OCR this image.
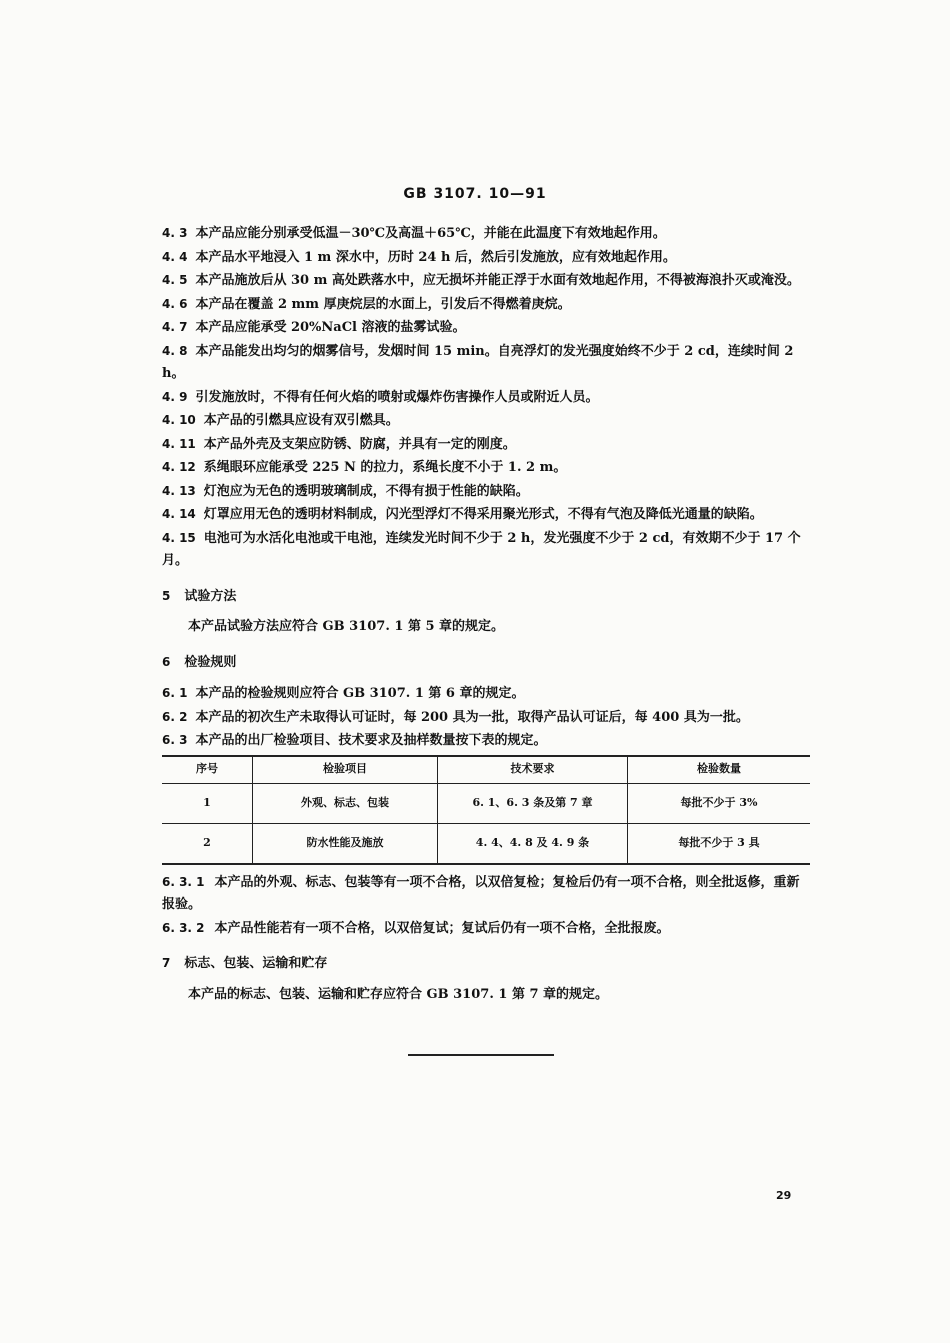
GB 3107. 10—91
4. 3 本产品应能分别承受低温－30℃及高温＋65℃，并能在此温度下有效地起作用。
4. 4 本产品水平地浸入 1 m 深水中，历时 24 h 后，然后引发施放，应有效地起作用。
4. 5 本产品施放后从 30 m 高处跌落水中，应无损坏并能正浮于水面有效地起作用，不得被海浪扑灭或淹没。
4. 6 本产品在覆盖 2 mm 厚庚烷层的水面上，引发后不得燃着庚烷。
4. 7 本产品应能承受 20%NaCl 溶液的盐雾试验。
4. 8 本产品能发出均匀的烟雾信号，发烟时间 15 min。自亮浮灯的发光强度始终不少于 2 cd，连续时间 2 h。
4. 9 引发施放时，不得有任何火焰的喷射或爆炸伤害操作人员或附近人员。
4. 10 本产品的引燃具应设有双引燃具。
4. 11 本产品外壳及支架应防锈、防腐，并具有一定的刚度。
4. 12 系绳眼环应能承受 225 N 的拉力，系绳长度不小于 1. 2 m。
4. 13 灯泡应为无色的透明玻璃制成，不得有损于性能的缺陷。
4. 14 灯罩应用无色的透明材料制成，闪光型浮灯不得采用聚光形式，不得有气泡及降低光通量的缺陷。
4. 15 电池可为水活化电池或干电池，连续发光时间不少于 2 h，发光强度不少于 2 cd，有效期不少于 17 个月。
5 试验方法
本产品试验方法应符合 GB 3107. 1 第 5 章的规定。
6 检验规则
6. 1 本产品的检验规则应符合 GB 3107. 1 第 6 章的规定。
6. 2 本产品的初次生产未取得认可证时，每 200 具为一批，取得产品认可证后，每 400 具为一批。
6. 3 本产品的出厂检验项目、技术要求及抽样数量按下表的规定。
序号	检验项目	技术要求	检验数量
1	外观、标志、包装	6. 1、6. 3 条及第 7 章	每批不少于 3%
2	防水性能及施放	4. 4、4. 8 及 4. 9 条	每批不少于 3 具
6. 3. 1 本产品的外观、标志、包装等有一项不合格，以双倍复检；复检后仍有一项不合格，则全批返修，重新报验。
6. 3. 2 本产品性能若有一项不合格，以双倍复试；复试后仍有一项不合格，全批报废。
7 标志、包装、运输和贮存
本产品的标志、包装、运输和贮存应符合 GB 3107. 1 第 7 章的规定。
29
